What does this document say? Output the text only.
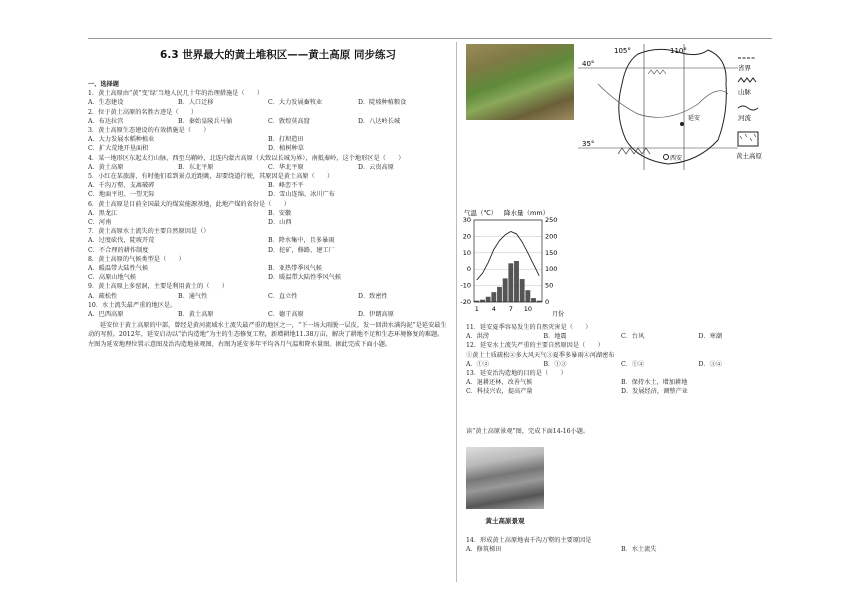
6.3 世界最大的黄土堆积区——黄土高原 同步练习
一、选择题
1．黄土高原由“黄”变‘绿’当地人民几十年的治理措施是（　　）
A．生态建设	B．人口迁移	C．大力发展畜牧业	D．陡坡种植粮食
2．位于黄土高原的名胜古迹是（　　）
A．布达拉宫	B．秦始皇陵兵马俑	C．敦煌莫高窟	D．八达岭长城
3．黄土高原生态建设的有效措施是（　　）
A．大力发展水稻种植业	B．打坝造田
C．扩大荒地开垦面积	D．植树种草
4．某一地形区东起太行山脉，西至乌鞘岭，北连内蒙古高原（大致以长城为界），南抵秦岭，这个地形区是（　　）
A．黄土高原	B．东北平原	C．华北平原	D．云贵高原
5．小红在某旅游，有时他们看到景点近距眺，却要绕道行驶，其原因是黄土高原（　　）
A．千沟万壑、支离破碎	B．峰峦不平
C．地面平坦、一望无际	D．雪山连绵、冰川广布
6．黄土高原是目前全国最大的煤炭能源基地，此地产煤的省份是（　　）
A．黑龙江	B．安徽
C．河南	D．山西
7．黄土高原水土流失的主要自然原因是（）
A．过度砍伐，陡坡开荒	B．降水集中，且多暴雨
C．不合理的耕作制度	D．挖矿，修路，建工厂
8．黄土高原的气候类型是（　　）
A．暖温带大陆性气候	B．亚热带季风气候
C．高原山地气候	D．暖温带大陆性季风气候
9．黄土高原上多窑洞，主要是利用黄土的（　　）
A．疏松性	B．通气性	C．直立性	D．致密性
10．水土流失最严重的地区是。
A．巴西高原	B．黄土高原	C．德干高原	D．伊朗高原
延安位于黄土高原的中部，曾经是黄河流域水土流失最严重的地区之一，“下一场大雨脱一层皮，发一回洪水满沟泥”是延安最生动的写照。2012年，延安启动以“治沟造地”为主的生态修复工程，新增耕地11.38万亩，解决了耕地不足和生态环境修复的难题。左图为延安地理位置示意图及治沟造地景观图，右图为延安多年平均各月气温和降水量图。据此完成下面小题。
105°	110°
40°
35°
延安
西安
省界
山脉
河流
黄土高原
气温（℃） 降水量（mm）
30
20
10
0
-10
-20
250
200
150
100
50
0
1 4 7 10
月份
11．延安夏季容易发生的自然灾害是（　　）
A．洪涝	B．地震	C．台风	D．寒潮
12．延安水土流失严重的主要自然原因是（　　）
①黄土土质疏松②多大风天气③夏季多暴雨④河湖密布
A．①②	B．①③	C．①④	D．③④
13．延安治沟造地的目的是（　　）
A．退耕还林，改善气候	B．保持水土，增加耕地
C．科技兴农，提高产量	D．发展经济，调整产业
读“黄土高原景观”图，完成下面14-16小题。
黄土高原景观
14．形成黄土高原地表千沟万壑的主要原因是
A．修筑梯田	B．水土流失
